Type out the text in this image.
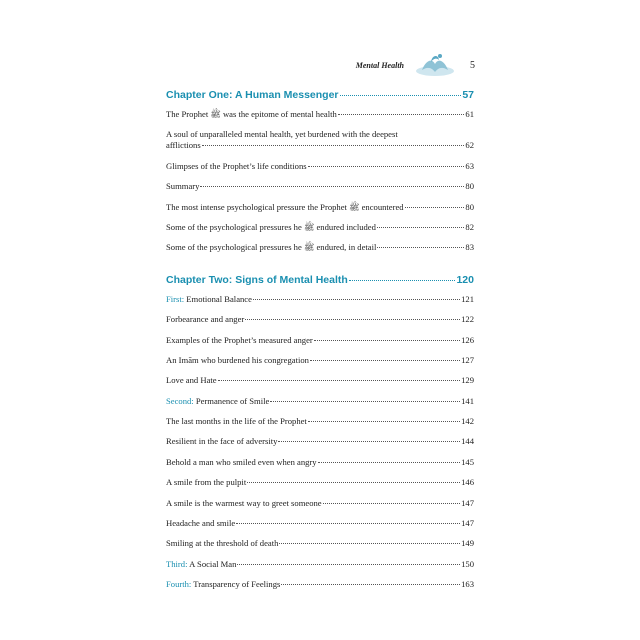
Mental Health	5
Chapter One: A Human Messenger	57
The Prophet ﷺ was the epitome of mental health	61
A soul of unparalleled mental health, yet burdened with the deepest
afflictions	62
Glimpses of the Prophet’s life conditions	63
Summary	80
The most intense psychological pressure the Prophet ﷺ encountered	80
Some of the psychological pressures he ﷺ endured included	82
Some of the psychological pressures he ﷺ endured, in detail	83
Chapter Two: Signs of Mental Health	120
First: Emotional Balance	121
Forbearance and anger	122
Examples of the Prophet’s measured anger	126
An Imām who burdened his congregation	127
Love and Hate	129
Second: Permanence of Smile	141
The last months in the life of the Prophet	142
Resilient in the face of adversity	144
Behold a man who smiled even when angry	145
A smile from the pulpit	146
A smile is the warmest way to greet someone	147
Headache and smile	147
Smiling at the threshold of death	149
Third: A Social Man	150
Fourth: Transparency of Feelings	163
